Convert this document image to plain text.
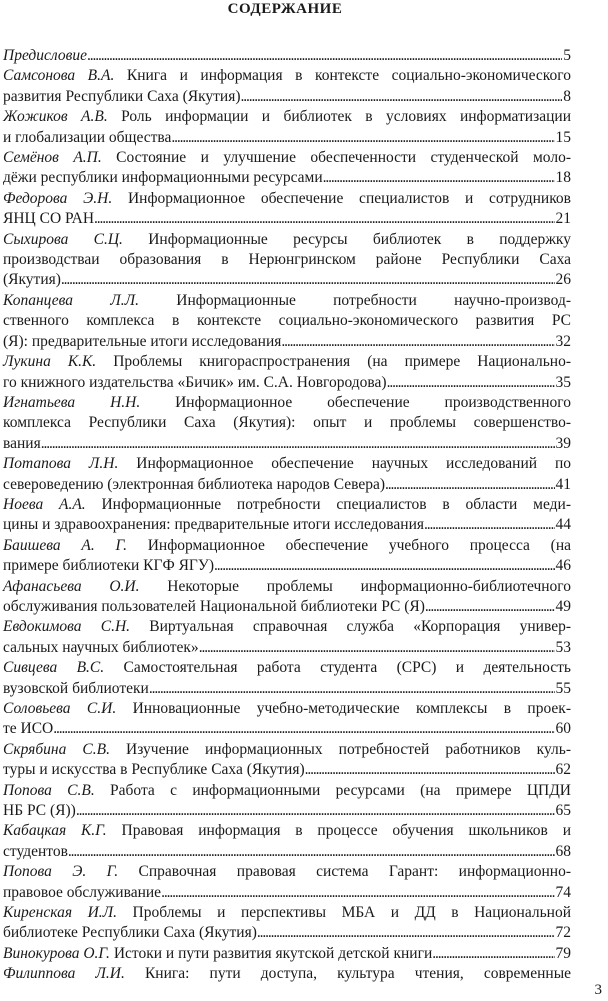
СОДЕРЖАНИЕ
Предисловие . . .	5
Самсонова В.А. Книга и информация в контексте социально-экономического
развития Республики Саха (Якутия) . . .	8
Жожиков А.В. Роль информации и библиотек в условиях информатизации
и глобализации общества . . .	15
Семёнов А.П. Состояние и улучшение обеспеченности студенческой моло-
дёжи республики информационными ресурсами . . .	18
Федорова Э.Н. Информационное обеспечение специалистов и сотрудников
ЯНЦ СО РАН . . .	21
Сыхирова С.Ц. Информационные ресурсы библиотек в поддержку
производстваи образования в Нерюнгринском районе Республики Саха
(Якутия) . . .	26
Копанцева Л.Л. Информационные потребности научно-производ-
ственного комплекса в контексте социально-экономического развития РС
(Я): предварительные итоги исследования . . .	32
Лукина К.К. Проблемы книгораспространения (на примере Национально-
го книжного издательства «Бичик» им. С.А. Новгородова) . . .	35
Игнатьева Н.Н. Информационное обеспечение производственного
комплекса Республики Саха (Якутия): опыт и проблемы совершенство-
вания . . .	39
Потапова Л.Н. Информационное обеспечение научных исследований по
североведению (электронная библиотека народов Севера) . . .	41
Ноева А.А. Информационные потребности специалистов в области меди-
цины и здравоохранения: предварительные итоги исследования . . .	44
Баишева А. Г. Информационное обеспечение учебного процесса (на
примере библиотеки КГФ ЯГУ) . . .	46
Афанасьева О.И. Некоторые проблемы информационно-библиотечного
обслуживания пользователей Национальной библиотеки РС (Я) . . .	49
Евдокимова С.Н. Виртуальная справочная служба «Корпорация универ-
сальных научных библиотек» . . .	53
Сивцева В.С. Самостоятельная работа студента (СРС) и деятельность
вузовской библиотеки . . .	55
Соловьева С.И. Инновационные учебно-методические комплексы в проек-
те ИСО . . .	60
Скрябина С.В. Изучение информационных потребностей работников куль-
туры и искусства в Республике Саха (Якутия) . . .	62
Попова С.В. Работа с информационными ресурсами (на примере ЦПДИ
НБ РС (Я)) . . .	65
Кабацкая К.Г. Правовая информация в процессе обучения школьников и
студентов . . .	68
Попова Э. Г. Справочная правовая система Гарант: информационно-
правовое обслуживание . . .	74
Киренская И.Л. Проблемы и перспективы МБА и ДД в Национальной
библиотеке Республики Саха (Якутия) . . .	72
Винокурова О.Г. Истоки и пути развития якутской детской книги . . .	79
Филиппова Л.И. Книга: пути доступа, культура чтения, современные
3
